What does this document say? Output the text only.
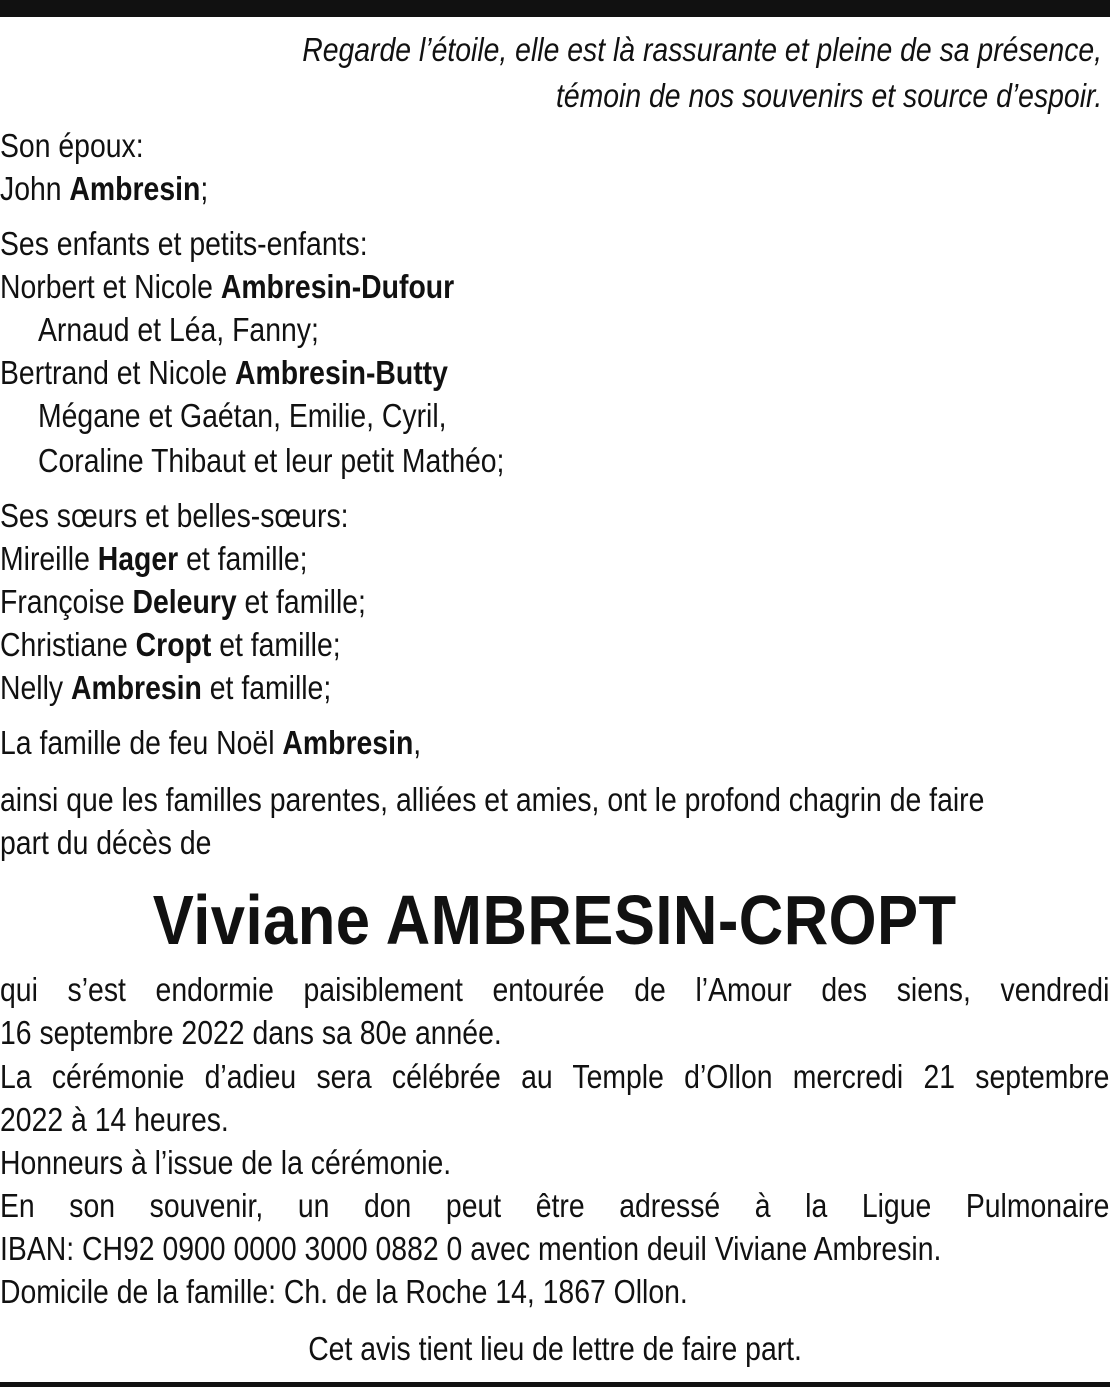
Regarde l’étoile, elle est là rassurante et pleine de sa présence,
témoin de nos souvenirs et source d’espoir.
Son époux:
John Ambresin;
Ses enfants et petits-enfants:
Norbert et Nicole Ambresin-Dufour
Arnaud et Léa, Fanny;
Bertrand et Nicole Ambresin-Butty
Mégane et Gaétan, Emilie, Cyril,
Coraline Thibaut et leur petit Mathéo;
Ses sœurs et belles-sœurs:
Mireille Hager et famille;
Françoise Deleury et famille;
Christiane Cropt et famille;
Nelly Ambresin et famille;
La famille de feu Noël Ambresin,
ainsi que les familles parentes, alliées et amies, ont le profond chagrin de faire
part du décès de
Viviane AMBRESIN-CROPT
qui s’est endormie paisiblement entourée de l’Amour des siens, vendredi
16 septembre 2022 dans sa 80e année.
La cérémonie d’adieu sera célébrée au Temple d’Ollon mercredi 21 septembre
2022 à 14 heures.
Honneurs à l’issue de la cérémonie.
En son souvenir, un don peut être adressé à la Ligue Pulmonaire
IBAN: CH92 0900 0000 3000 0882 0 avec mention deuil Viviane Ambresin.
Domicile de la famille: Ch. de la Roche 14, 1867 Ollon.
Cet avis tient lieu de lettre de faire part.
